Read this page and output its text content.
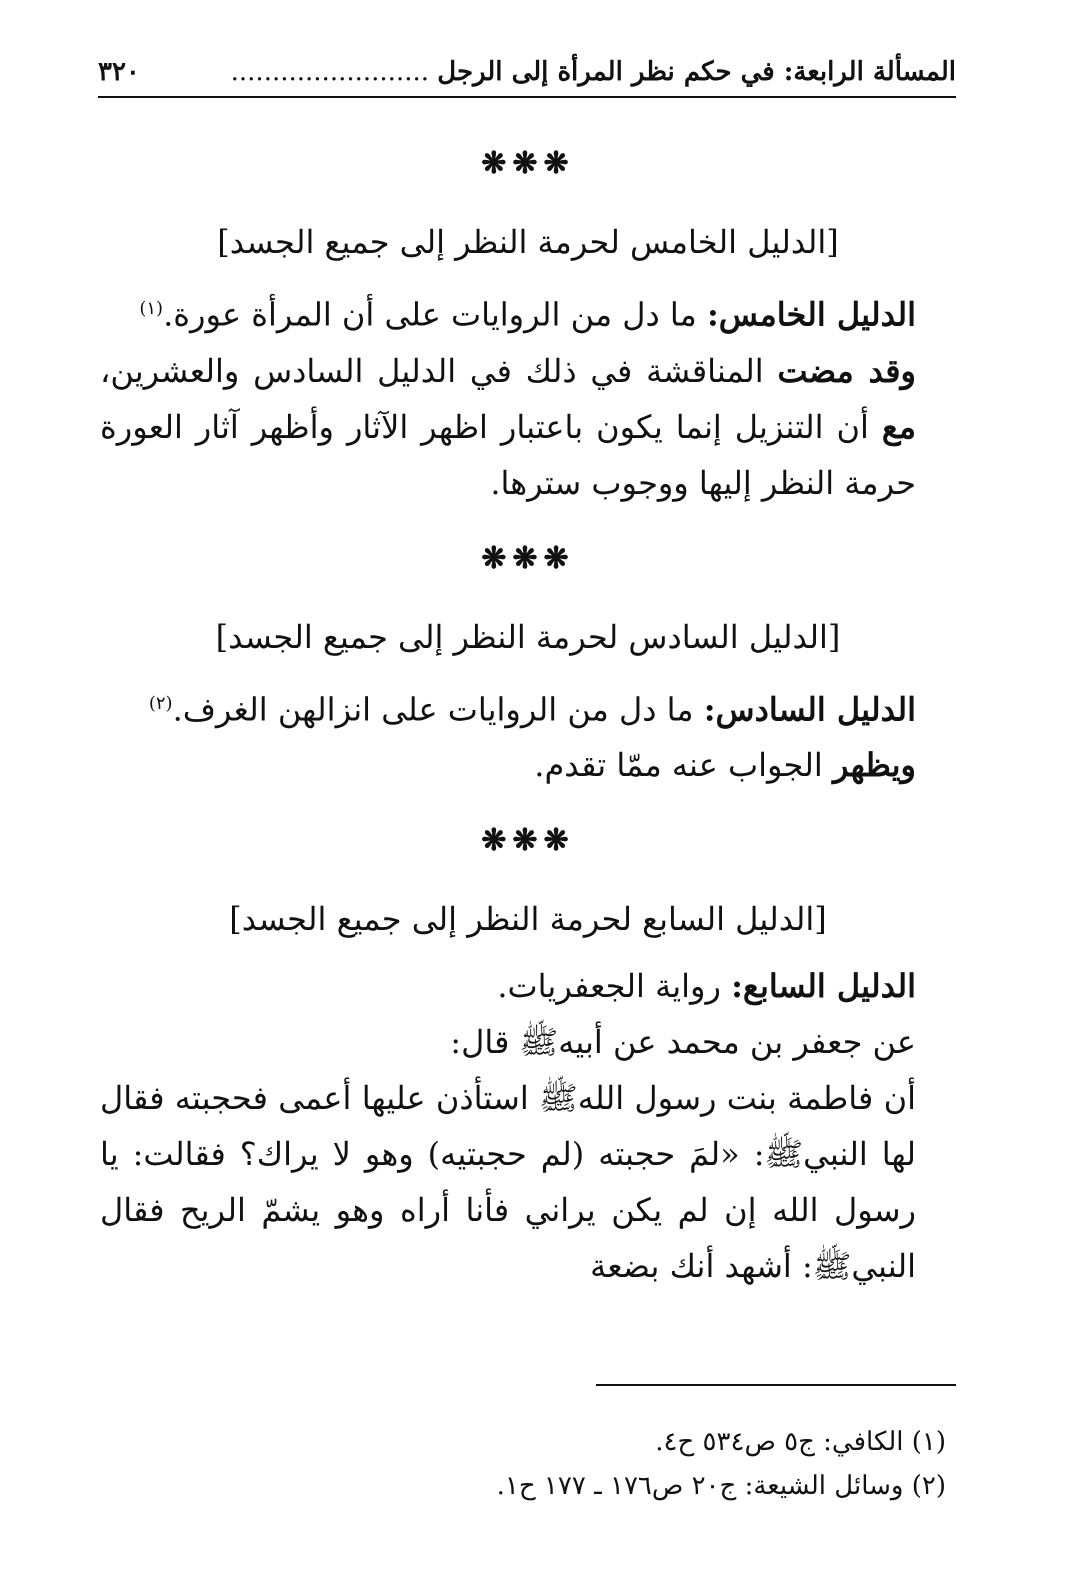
المسألة الرابعة: في حكم نظر المرأة إلى الرجل ........................
٣٢٠
❋❋❋
[الدليل الخامس لحرمة النظر إلى جميع الجسد]

الدليل الخامس: ما دل من الروايات على أن المرأة عورة.$^{(١)}$

وقد مضت المناقشة في ذلك في الدليل السادس والعشرين، مع أن التنزيل إنما يكون باعتبار اظهر الآثار وأظهر آثار العورة حرمة النظر إليها ووجوب سترها.

❋❋❋
[الدليل السادس لحرمة النظر إلى جميع الجسد]

الدليل السادس: ما دل من الروايات على انزالهن الغرف.$^{(٢)}$

ويظهر الجواب عنه ممّا تقدم.

❋❋❋
[الدليل السابع لحرمة النظر إلى جميع الجسد]

الدليل السابع: رواية الجعفريات.

عن جعفر بن محمد عن أبيهﷺ قال:

أن فاطمة بنت رسول اللهﷺ استأذن عليها أعمى فحجبته فقال لها النبيﷺ: «لمَ حجبته (لم حجبتيه) وهو لا يراك؟ فقالت: يا رسول الله إن لم يكن يراني فأنا أراه وهو يشمّ الريح فقال النبيﷺ: أشهد أنك بضعة

(١) الكافي: ج٥ ص٥٣٤ ح٤.
(٢) وسائل الشيعة: ج٢٠ ص١٧٦ ـ ١٧٧ ح١.
